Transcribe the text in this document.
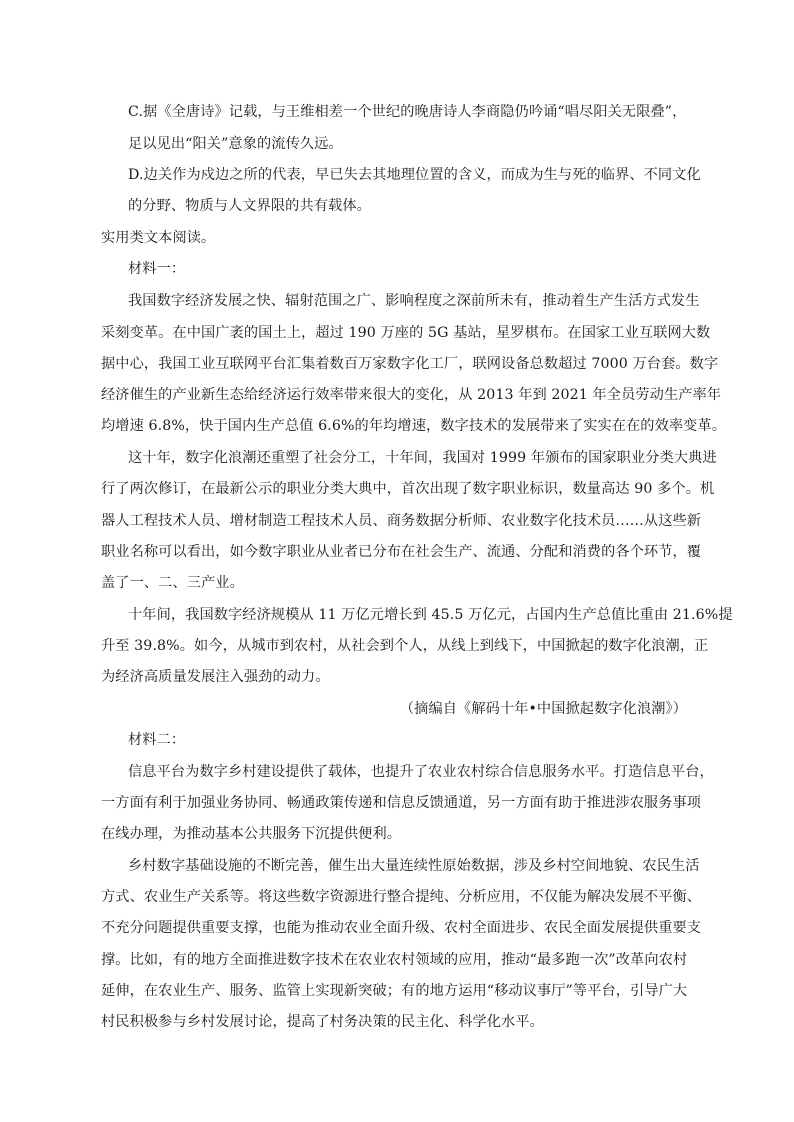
C.据《全唐诗》记载，与王维相差一个世纪的晚唐诗人李商隐仍吟诵“唱尽阳关无限叠”，
足以见出“阳关”意象的流传久远。
D.边关作为戍边之所的代表，早已失去其地理位置的含义，而成为生与死的临界、不同文化
的分野、物质与人文界限的共有载体。
实用类文本阅读。
材料一：
我国数字经济发展之快、辐射范围之广、影响程度之深前所未有，推动着生产生活方式发生
采刻变革。在中国广袤的国土上，超过 190 万座的 5G 基站，星罗棋布。在国家工业互联网大数
据中心，我国工业互联网平台汇集着数百万家数字化工厂，联网设备总数超过 7000 万台套。数字
经济催生的产业新生态给经济运行效率带来很大的变化，从 2013 年到 2021 年全员劳动生产率年
均增速 6.8%，快于国内生产总值 6.6%的年均增速，数字技术的发展带来了实实在在的效率变革。
这十年，数字化浪潮还重塑了社会分工，十年间，我国对 1999 年颁布的国家职业分类大典进
行了两次修订，在最新公示的职业分类大典中，首次出现了数字职业标识，数量高达 90 多个。机
器人工程技术人员、增材制造工程技术人员、商务数据分析师、农业数字化技术员……从这些新
职业名称可以看出，如今数字职业从业者已分布在社会生产、流通、分配和消费的各个环节，覆
盖了一、二、三产业。
十年间，我国数字经济规模从 11 万亿元增长到 45.5 万亿元，占国内生产总值比重由 21.6%提
升至 39.8%。如今，从城市到农村，从社会到个人，从线上到线下，中国掀起的数字化浪潮，正
为经济高质量发展注入强劲的动力。
（摘编自《解码十年•中国掀起数字化浪潮》）
材料二：
信息平台为数字乡村建设提供了载体，也提升了农业农村综合信息服务水平。打造信息平台，
一方面有利于加强业务协同、畅通政策传递和信息反馈通道，另一方面有助于推进涉农服务事项
在线办理，为推动基本公共服务下沉提供便利。
乡村数字基础设施的不断完善，催生出大量连续性原始数据，涉及乡村空间地貌、农民生活
方式、农业生产关系等。将这些数字资源进行整合提纯、分析应用，不仅能为解决发展不平衡、
不充分问题提供重要支撑，也能为推动农业全面升级、农村全面进步、农民全面发展提供重要支
撑。比如，有的地方全面推进数字技术在农业农村领域的应用，推动“最多跑一次”改革向农村
延伸，在农业生产、服务、监管上实现新突破；有的地方运用“移动议事厅”等平台，引导广大
村民积极参与乡村发展讨论，提高了村务决策的民主化、科学化水平。
